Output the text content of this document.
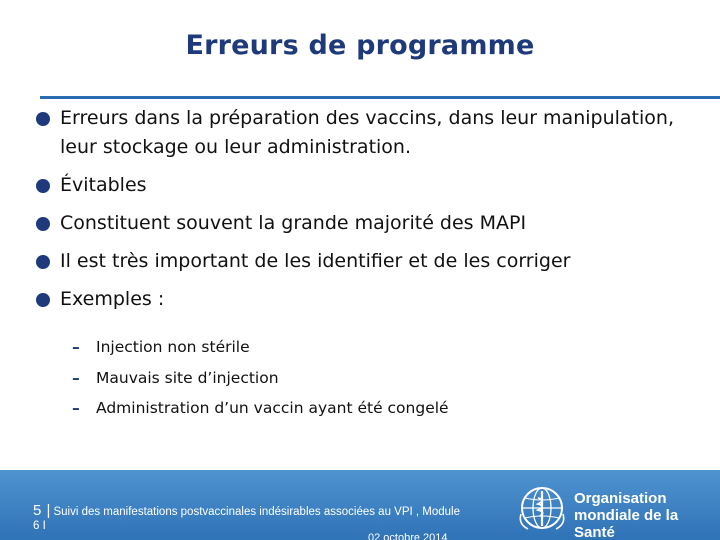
Erreurs de programme
Erreurs dans la préparation des vaccins, dans leur manipulation, leur stockage ou leur administration.
Évitables
Constituent souvent la grande majorité des MAPI
Il est très important de les identifier et de les corriger
Exemples :
– Injection non stérile
– Mauvais site d’injection
– Administration d’un vaccin ayant été congelé
5 | Suivi des manifestations postvaccinales indésirables associées au VPI , Module 6 I
02 octobre 2014
Organisation
mondiale de la Santé
